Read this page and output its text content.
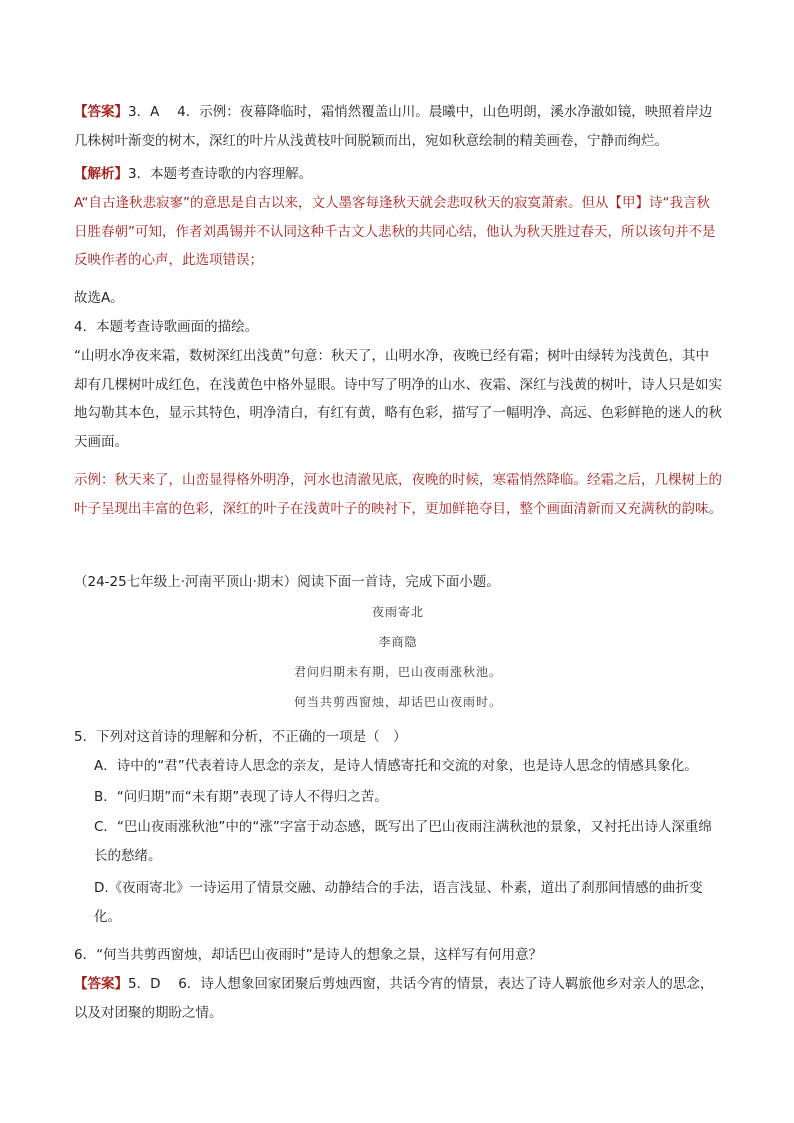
【答案】3．A　 4．示例：夜幕降临时，霜悄然覆盖山川。晨曦中，山色明朗，溪水净澈如镜，映照着岸边几株树叶渐变的树木，深红的叶片从浅黄枝叶间脱颖而出，宛如秋意绘制的精美画卷，宁静而绚烂。

【解析】3．本题考查诗歌的内容理解。

A“自古逢秋悲寂寥”的意思是自古以来，文人墨客每逢秋天就会悲叹秋天的寂寞萧索。但从【甲】诗“我言秋日胜春朝”可知，作者刘禹锡并不认同这种千古文人悲秋的共同心结，他认为秋天胜过春天，所以该句并不是反映作者的心声，此选项错误；

故选A。

4．本题考查诗歌画面的描绘。

“山明水净夜来霜，数树深红出浅黄”句意：秋天了，山明水净，夜晚已经有霜；树叶由绿转为浅黄色，其中却有几棵树叶成红色，在浅黄色中格外显眼。诗中写了明净的山水、夜霜、深红与浅黄的树叶，诗人只是如实地勾勒其本色，显示其特色，明净清白，有红有黄，略有色彩，描写了一幅明净、高远、色彩鲜艳的迷人的秋天画面。

示例：秋天来了，山峦显得格外明净，河水也清澈见底，夜晚的时候，寒霜悄然降临。经霜之后，几棵树上的叶子呈现出丰富的色彩，深红的叶子在浅黄叶子的映衬下，更加鲜艳夺目，整个画面清新而又充满秋的韵味。

（24-25七年级上·河南平顶山·期末）阅读下面一首诗，完成下面小题。

夜雨寄北
李商隐
君问归期未有期，巴山夜雨涨秋池。
何当共剪西窗烛，却话巴山夜雨时。

5．下列对这首诗的理解和分析，不正确的一项是（　）

A．诗中的“君”代表着诗人思念的亲友，是诗人情感寄托和交流的对象，也是诗人思念的情感具象化。

B．“问归期”而“未有期”表现了诗人不得归之苦。

C．“巴山夜雨涨秋池”中的“涨”字富于动态感，既写出了巴山夜雨注满秋池的景象，又衬托出诗人深重绵长的愁绪。

D.《夜雨寄北》一诗运用了情景交融、动静结合的手法，语言浅显、朴素，道出了刹那间情感的曲折变化。

6．“何当共剪西窗烛，却话巴山夜雨时”是诗人的想象之景，这样写有何用意？

【答案】5．D　 6．诗人想象回家团聚后剪烛西窗，共话今宵的情景，表达了诗人羁旅他乡对亲人的思念，以及对团聚的期盼之情。
